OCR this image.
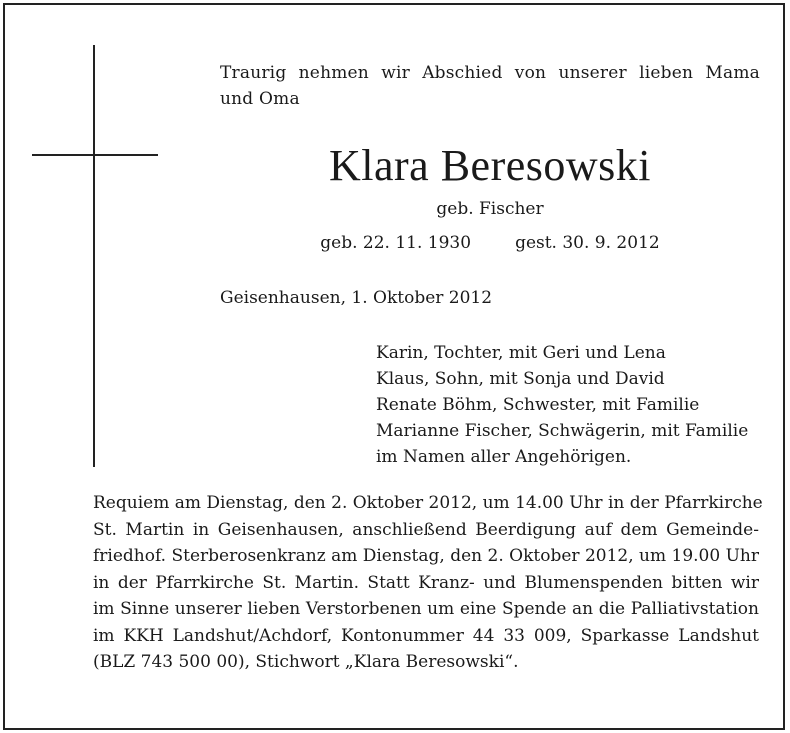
Traurig nehmen wir Abschied von unserer lieben Mama
und Oma
Klara Beresowski
geb. Fischer
geb. 22. 11. 1930	gest. 30. 9. 2012
Geisenhausen, 1. Oktober 2012
Karin, Tochter, mit Geri und Lena
Klaus, Sohn, mit Sonja und David
Renate Böhm, Schwester, mit Familie
Marianne Fischer, Schwägerin, mit Familie
im Namen aller Angehörigen.
Requiem am Dienstag, den 2. Oktober 2012, um 14.00 Uhr in der Pfarrkirche
St. Martin in Geisenhausen, anschließend Beerdigung auf dem Gemeinde-
friedhof. Sterberosenkranz am Dienstag, den 2. Oktober 2012, um 19.00 Uhr
in der Pfarrkirche St. Martin. Statt Kranz- und Blumenspenden bitten wir
im Sinne unserer lieben Verstorbenen um eine Spende an die Palliativstation
im KKH Landshut/Achdorf, Kontonummer 44 33 009, Sparkasse Landshut
(BLZ 743 500 00), Stichwort „Klara Beresowski“.
